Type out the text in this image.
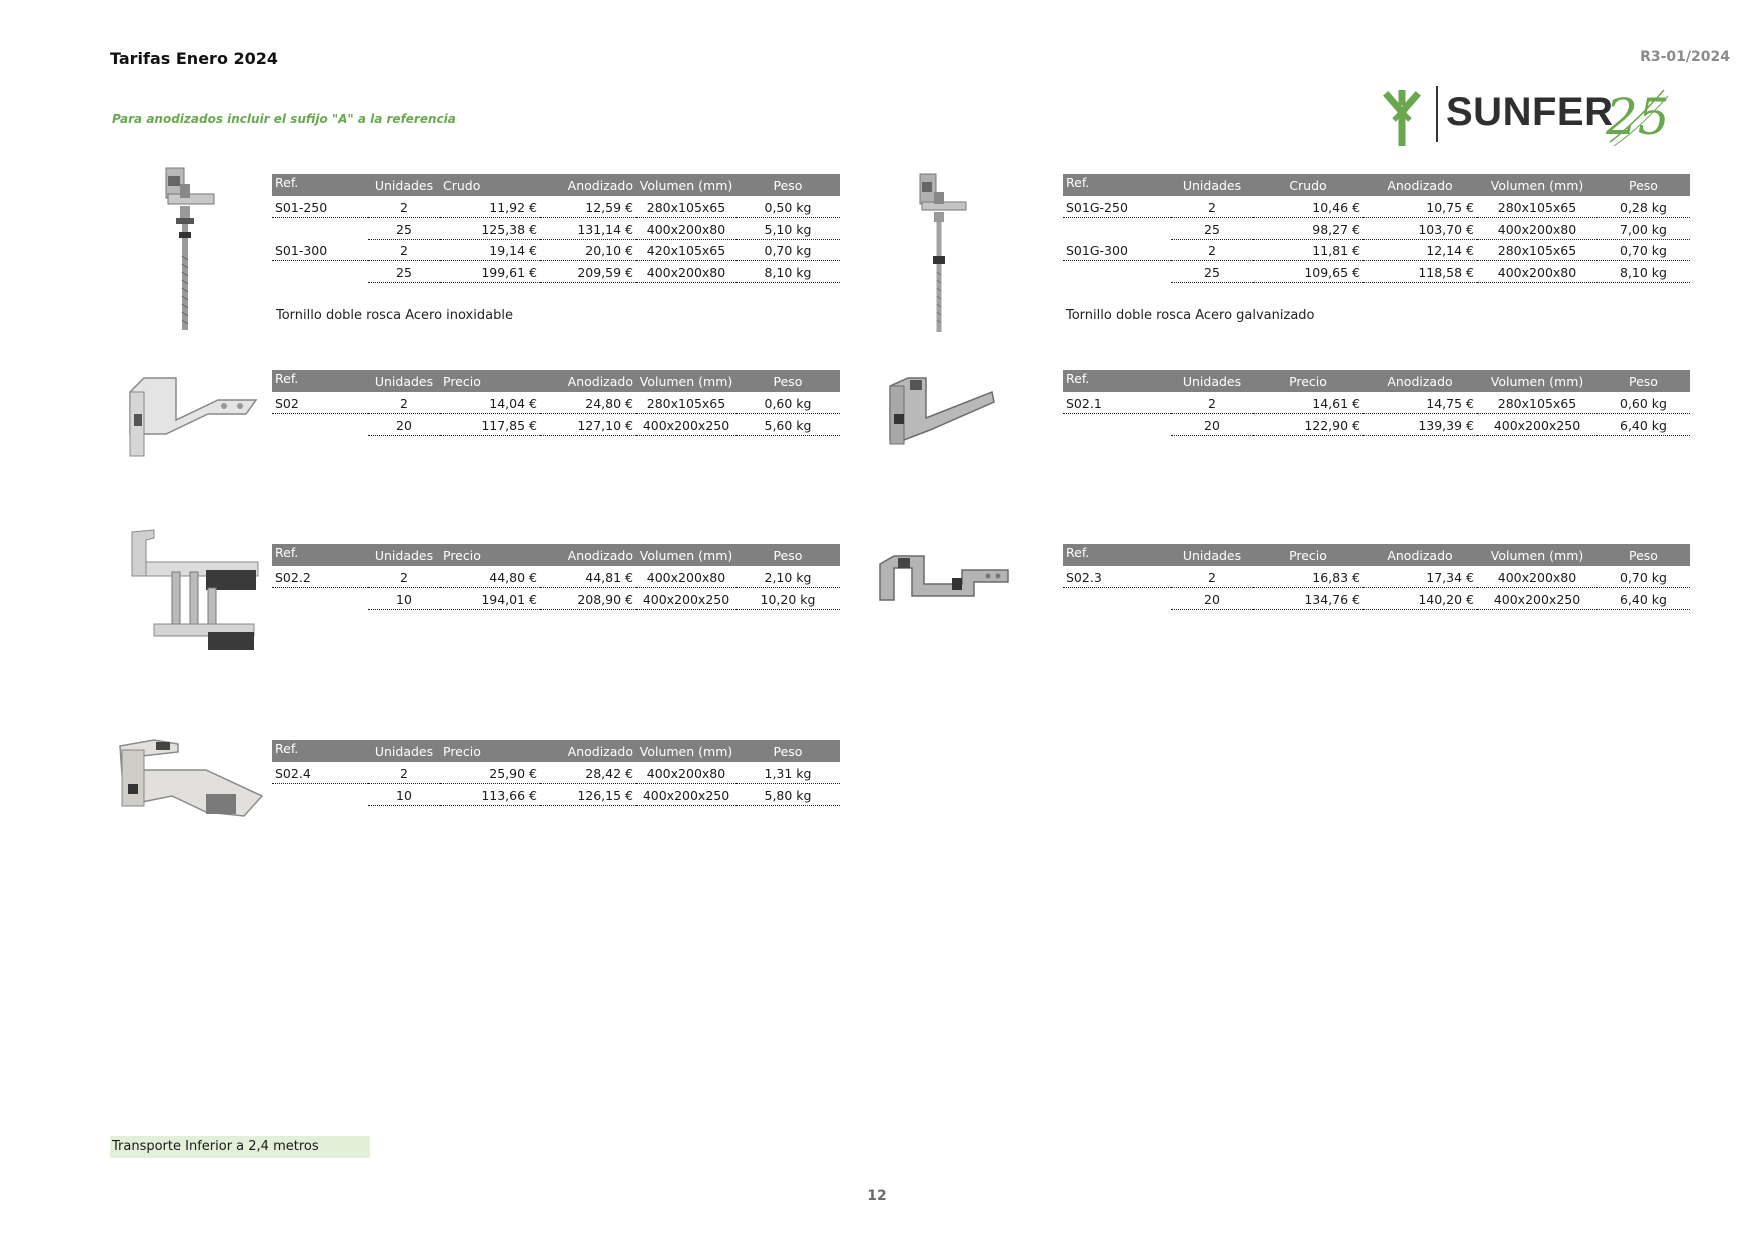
Tarifas Enero 2024	R3-01/2024
Para anodizados incluir el sufijo "A" a la referencia	SUNFER
25
Ref.	Unidades	Crudo	Anodizado	Volumen (mm)	Peso
S01-250	2	11,92 €	12,59 €	280x105x65	0,50 kg
	25	125,38 €	131,14 €	400x200x80	5,10 kg
S01-300	2	19,14 €	20,10 €	420x105x65	0,70 kg
	25	199,61 €	209,59 €	400x200x80	8,10 kg
Tornillo doble rosca Acero inoxidable
Ref.	Unidades	Crudo	Anodizado	Volumen (mm)	Peso
S01G-250	2	10,46 €	10,75 €	280x105x65	0,28 kg
	25	98,27 €	103,70 €	400x200x80	7,00 kg
S01G-300	2	11,81 €	12,14 €	280x105x65	0,70 kg
	25	109,65 €	118,58 €	400x200x80	8,10 kg
Tornillo doble rosca Acero galvanizado
Ref.	Unidades	Precio	Anodizado	Volumen (mm)	Peso
S02	2	14,04 €	24,80 €	280x105x65	0,60 kg
	20	117,85 €	127,10 €	400x200x250	5,60 kg
Ref.	Unidades	Precio	Anodizado	Volumen (mm)	Peso
S02.1	2	14,61 €	14,75 €	280x105x65	0,60 kg
	20	122,90 €	139,39 €	400x200x250	6,40 kg
Ref.	Unidades	Precio	Anodizado	Volumen (mm)	Peso
S02.2	2	44,80 €	44,81 €	400x200x80	2,10 kg
	10	194,01 €	208,90 €	400x200x250	10,20 kg
Ref.	Unidades	Precio	Anodizado	Volumen (mm)	Peso
S02.3	2	16,83 €	17,34 €	400x200x80	0,70 kg
	20	134,76 €	140,20 €	400x200x250	6,40 kg
Ref.	Unidades	Precio	Anodizado	Volumen (mm)	Peso
S02.4	2	25,90 €	28,42 €	400x200x80	1,31 kg
	10	113,66 €	126,15 €	400x200x250	5,80 kg
Transporte Inferior a 2,4 metros
12
